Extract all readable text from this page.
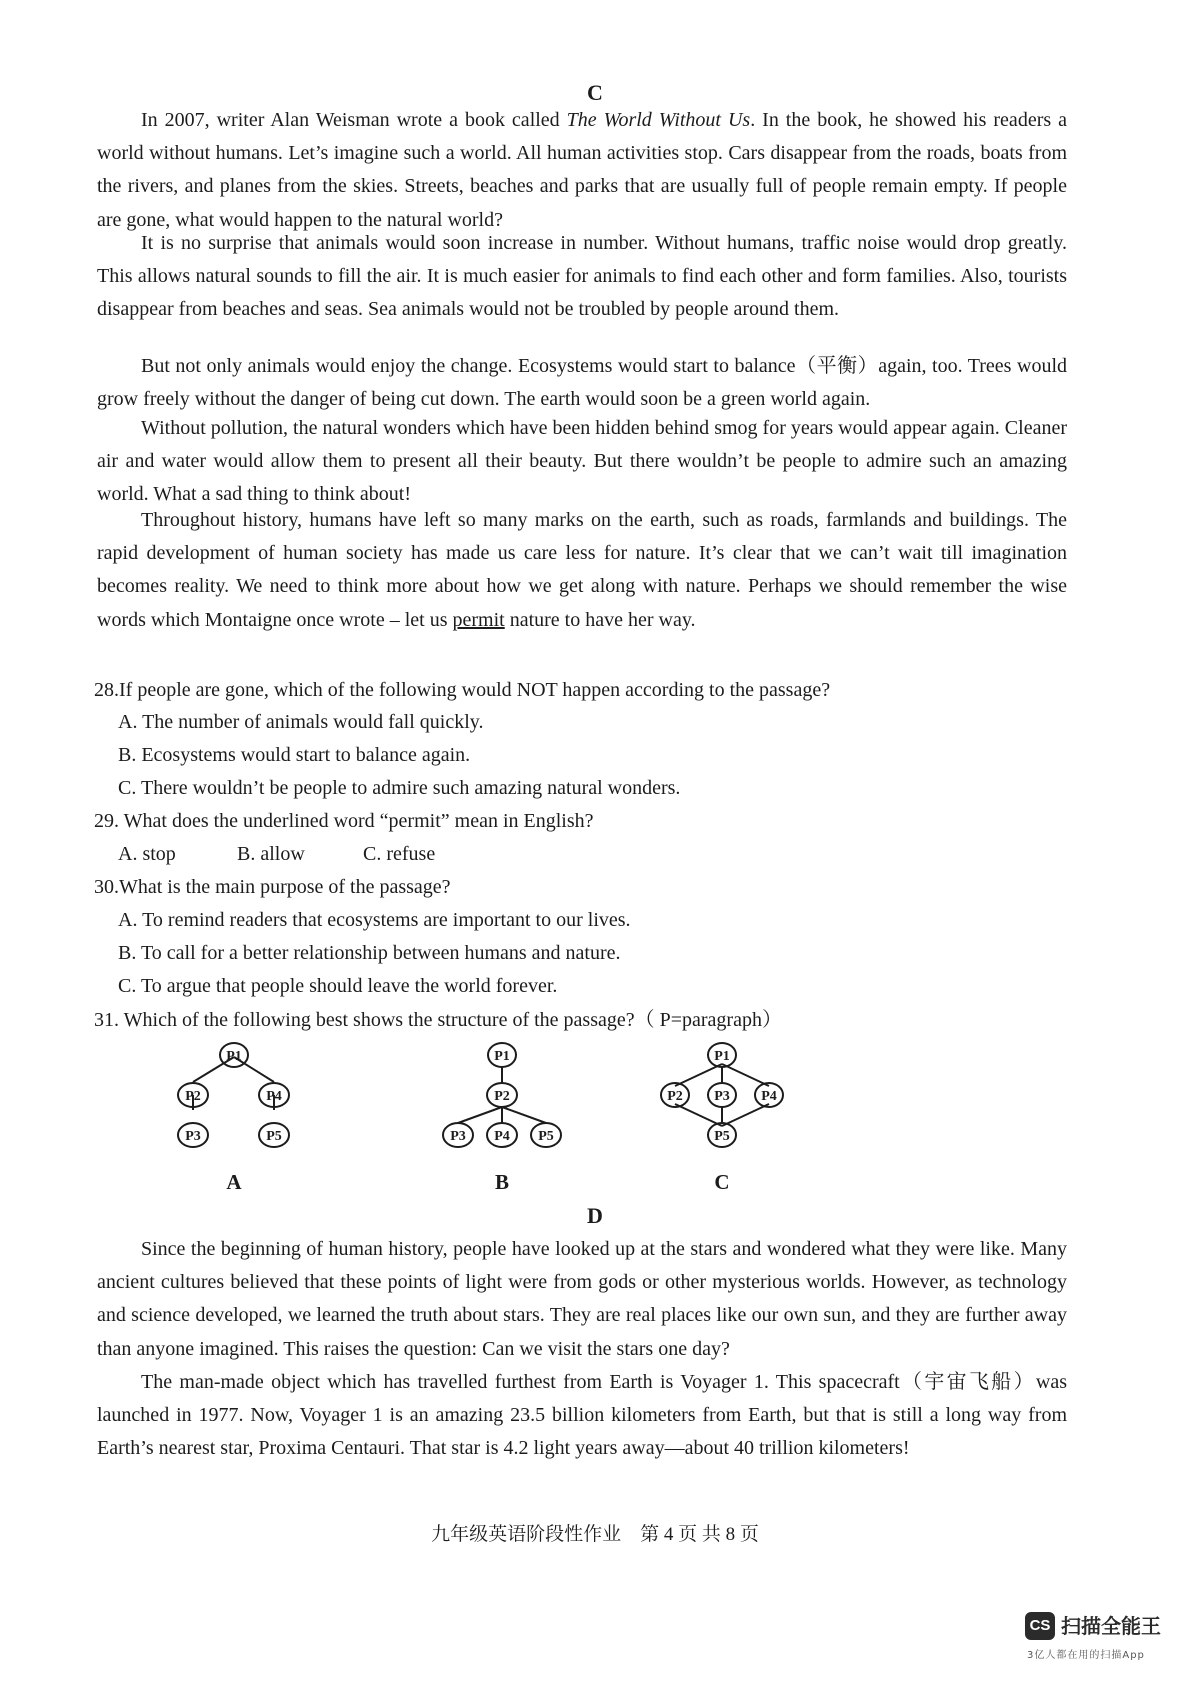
C

In 2007, writer Alan Weisman wrote a book called The World Without Us. In the book, he showed his readers a world without humans. Let’s imagine such a world. All human activities stop. Cars disappear from the roads, boats from the rivers, and planes from the skies. Streets, beaches and parks that are usually full of people remain empty. If people are gone, what would happen to the natural world?

It is no surprise that animals would soon increase in number. Without humans, traffic noise would drop greatly. This allows natural sounds to fill the air. It is much easier for animals to find each other and form families. Also, tourists disappear from beaches and seas. Sea animals would not be troubled by people around them.

But not only animals would enjoy the change. Ecosystems would start to balance（平衡）again, too. Trees would grow freely without the danger of being cut down. The earth would soon be a green world again.

Without pollution, the natural wonders which have been hidden behind smog for years would appear again. Cleaner air and water would allow them to present all their beauty. But there wouldn’t be people to admire such an amazing world. What a sad thing to think about!

Throughout history, humans have left so many marks on the earth, such as roads, farmlands and buildings. The rapid development of human society has made us care less for nature. It’s clear that we can’t wait till imagination becomes reality. We need to think more about how we get along with nature. Perhaps we should remember the wise words which Montaigne once wrote – let us permit nature to have her way.

28.If people are gone, which of the following would NOT happen according to the passage?
A. The number of animals would fall quickly.
B. Ecosystems would start to balance again.
C. There wouldn’t be people to admire such amazing natural wonders.
29. What does the underlined word “permit” mean in English?
A. stop	B. allow	C. refuse
30.What is the main purpose of the passage?
A. To remind readers that ecosystems are important to our lives.
B. To call for a better relationship between humans and nature.
C. To argue that people should leave the world forever.
31. Which of the following best shows the structure of the passage?（ P=paragraph）
P1
P2	P4
P3	P5
A
P1
P2
P3 P4 P5
B
P1
P2 P3 P4
P5
C
D

Since the beginning of human history, people have looked up at the stars and wondered what they were like. Many ancient cultures believed that these points of light were from gods or other mysterious worlds. However, as technology and science developed, we learned the truth about stars. They are real places like our own sun, and they are further away than anyone imagined. This raises the question: Can we visit the stars one day?

The man-made object which has travelled furthest from Earth is Voyager 1. This spacecraft（宇宙飞船）was launched in 1977. Now, Voyager 1 is an amazing 23.5 billion kilometers from Earth, but that is still a long way from Earth’s nearest star, Proxima Centauri. That star is 4.2 light years away—about 40 trillion kilometers!

九年级英语阶段性作业　第 4 页 共 8 页
CS 扫描全能王
3亿人都在用的扫描App
